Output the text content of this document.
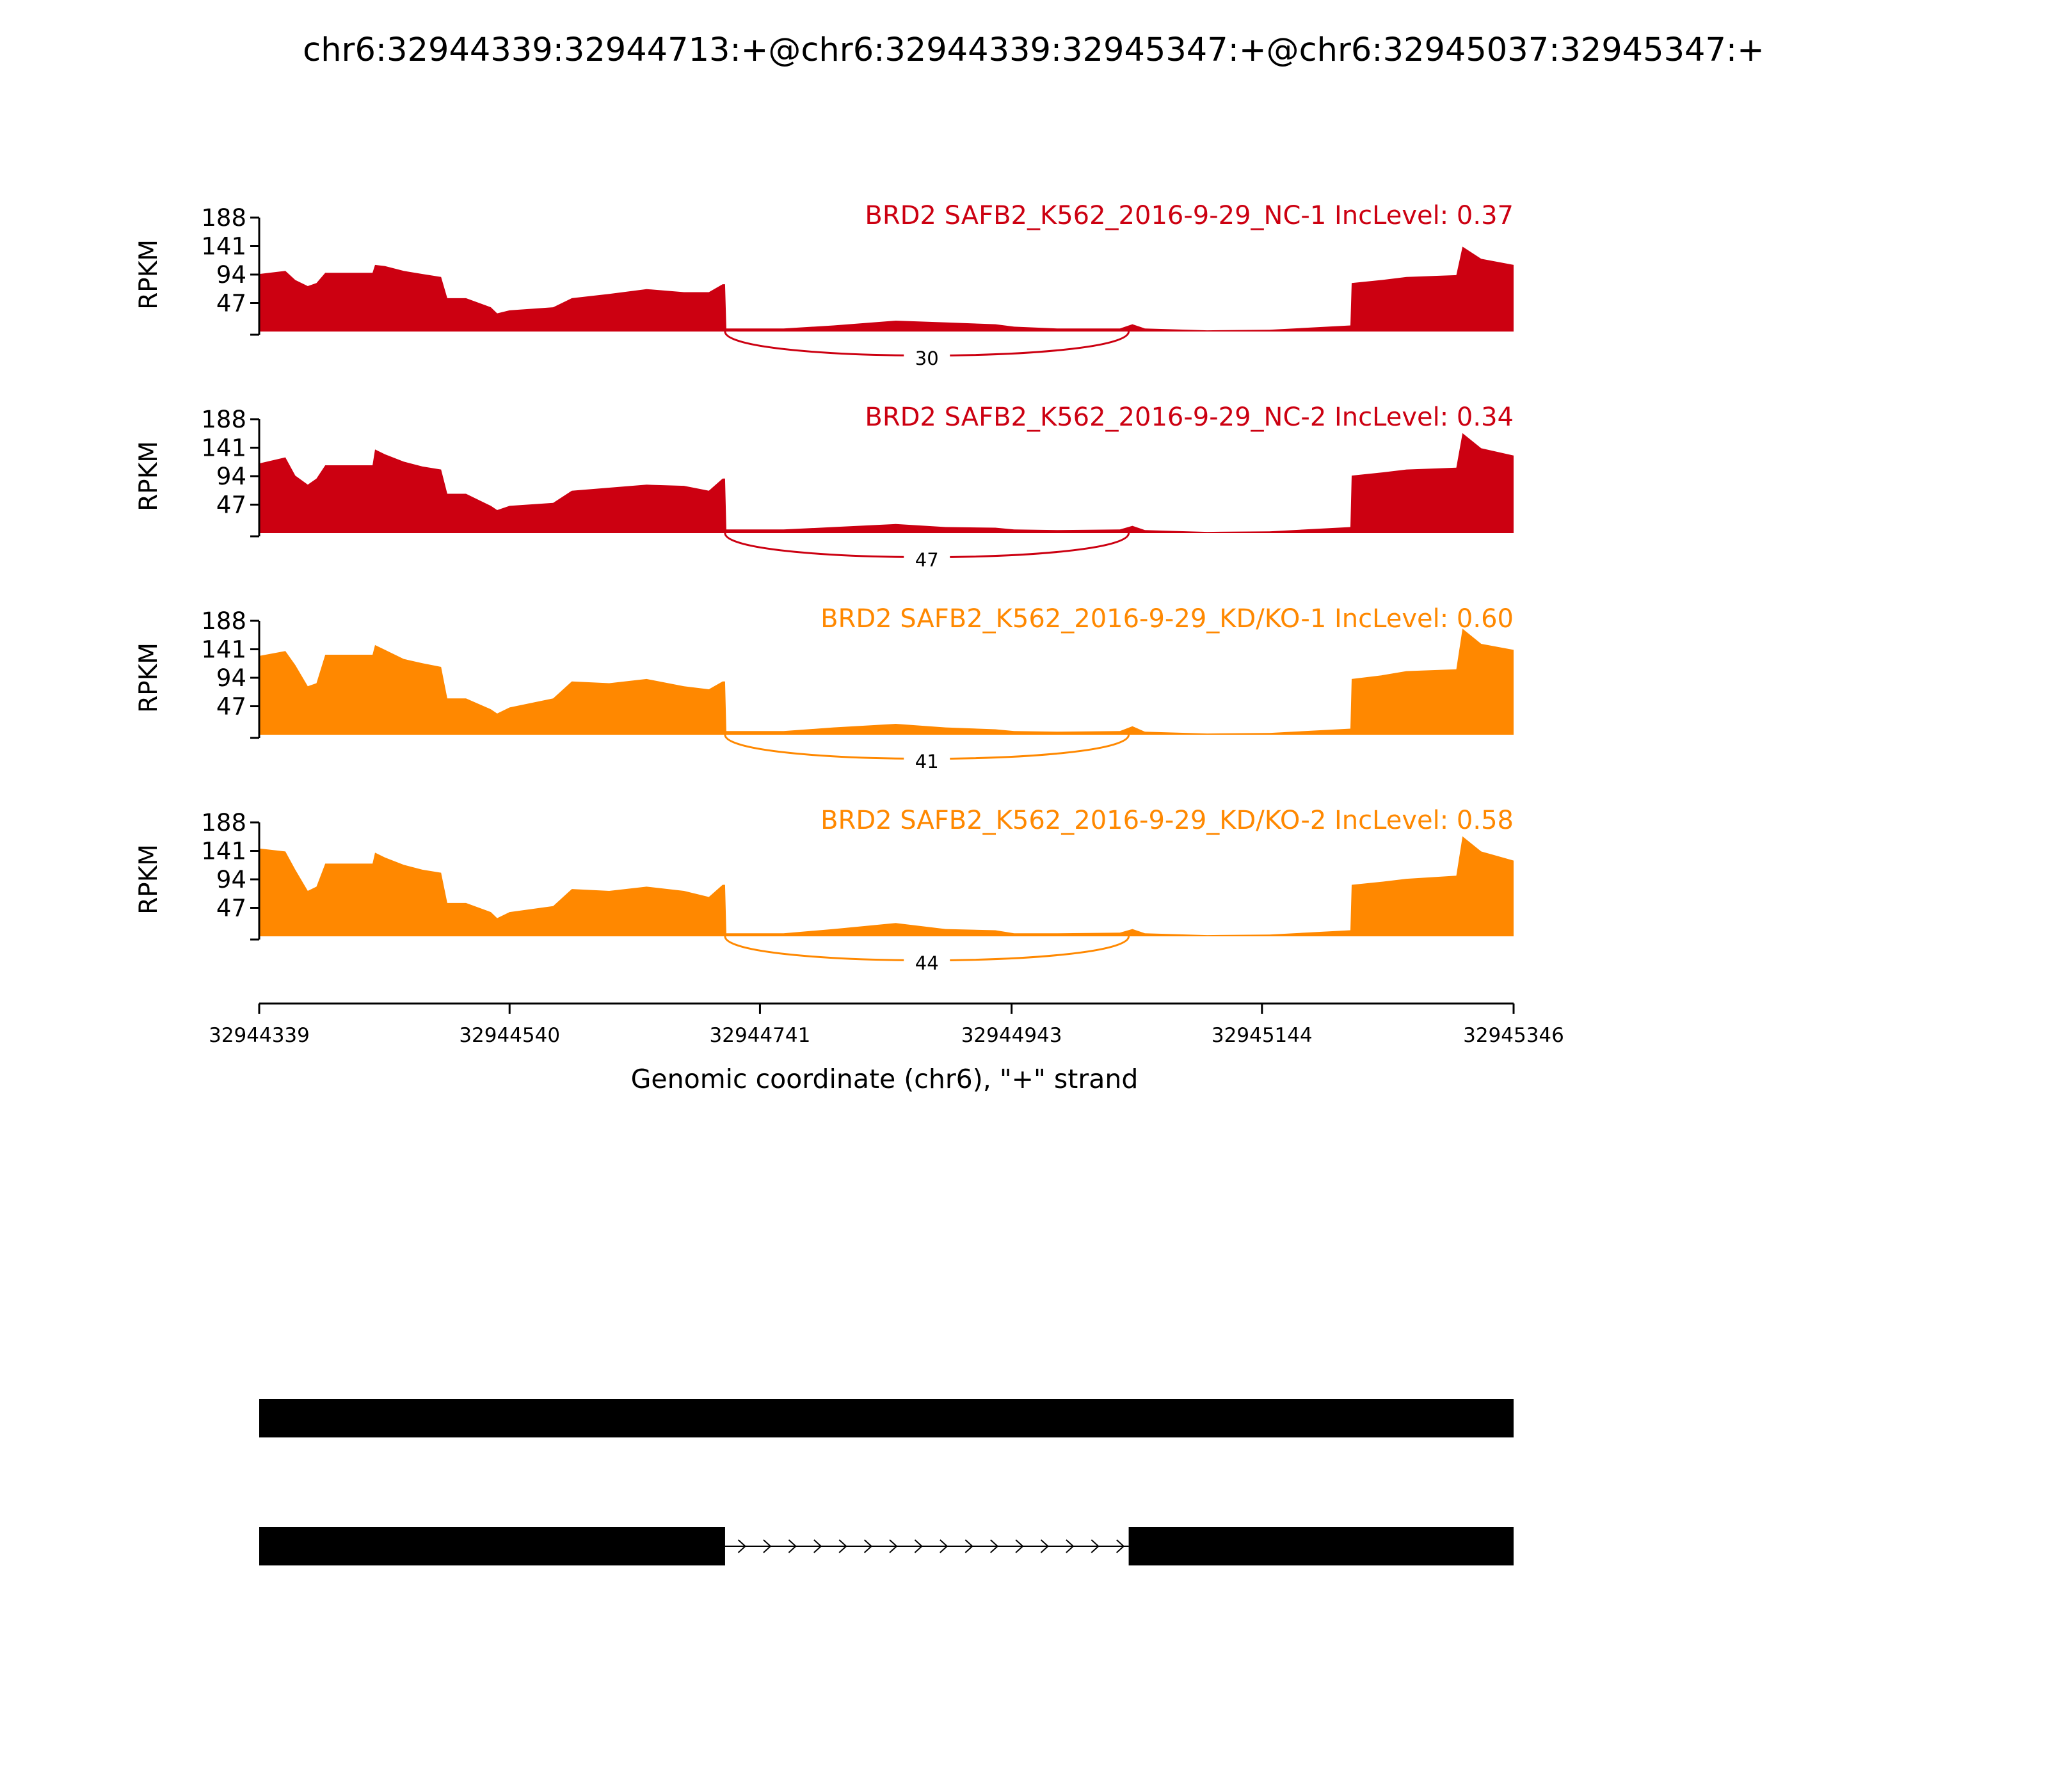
chr6:32944339:32944713:+@chr6:32944339:32945347:+@chr6:32945037:32945347:+
188
141
94
47
RPKM
BRD2 SAFB2_K562_2016-9-29_NC-1 IncLevel: 0.37
30
188
141
94
47
RPKM
BRD2 SAFB2_K562_2016-9-29_NC-2 IncLevel: 0.34
47
188
141
94
47
RPKM
BRD2 SAFB2_K562_2016-9-29_KD/KO-1 IncLevel: 0.60
41
188
141
94
47
RPKM
BRD2 SAFB2_K562_2016-9-29_KD/KO-2 IncLevel: 0.58
44
32944339	32944540	32944741	32944943	32945144	32945346
Genomic coordinate (chr6), "+" strand
